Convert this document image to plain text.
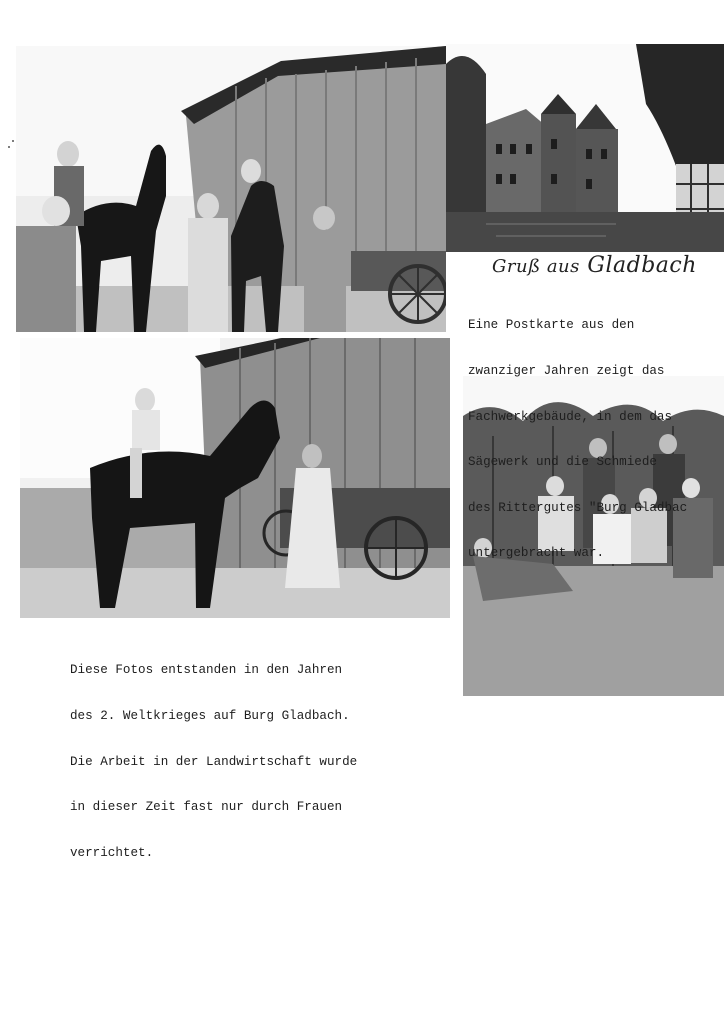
Gruß aus Gladbach

Eine Postkarte aus den

zwanziger Jahren zeigt das

Fachwerkgebäude, in dem das

Sägewerk und die Schmiede

des Rittergutes "Burg Gladbac

untergebracht war.

Diese Fotos entstanden in den Jahren

des 2. Weltkrieges auf Burg Gladbach.

Die Arbeit in der Landwirtschaft wurde

in dieser Zeit fast nur durch Frauen

verrichtet.
